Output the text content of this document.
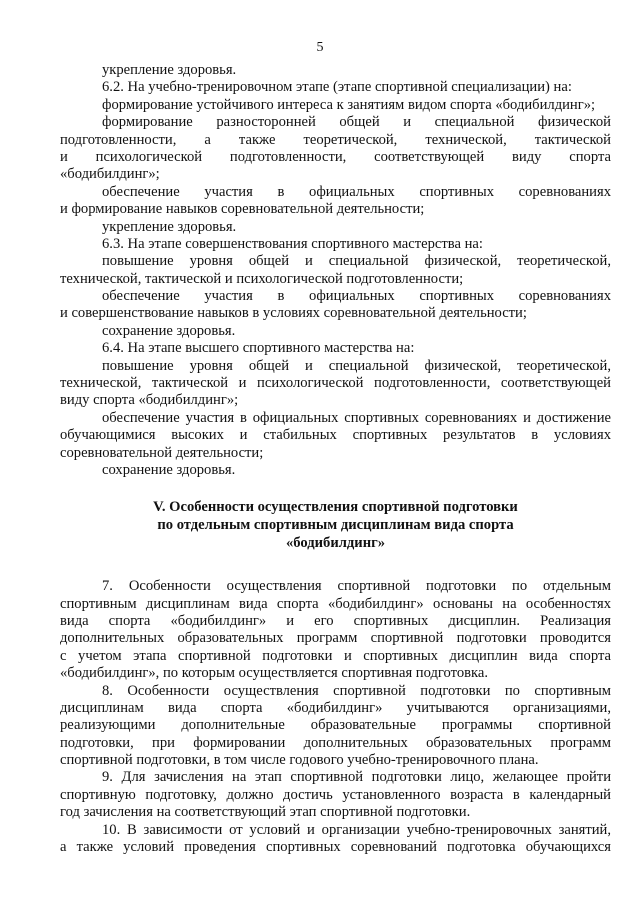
5

укрепление здоровья.

6.2. На учебно-тренировочном этапе (этапе спортивной специализации) на:

формирование устойчивого интереса к занятиям видом спорта «бодибилдинг»;

формирование разносторонней общей и специальной физической

подготовленности, а также теоретической, технической, тактической

и психологической подготовленности, соответствующей виду спорта

«бодибилдинг»;

обеспечение участия в официальных спортивных соревнованиях

и формирование навыков соревновательной деятельности;

укрепление здоровья.

6.3. На этапе совершенствования спортивного мастерства на:

повышение уровня общей и специальной физической, теоретической,

технической, тактической и психологической подготовленности;

обеспечение участия в официальных спортивных соревнованиях

и совершенствование навыков в условиях соревновательной деятельности;

сохранение здоровья.

6.4. На этапе высшего спортивного мастерства на:

повышение уровня общей и специальной физической, теоретической,

технической, тактической и психологической подготовленности, соответствующей

виду спорта «бодибилдинг»;

обеспечение участия в официальных спортивных соревнованиях и достижение

обучающимися высоких и стабильных спортивных результатов в условиях

соревновательной деятельности;

сохранение здоровья.

V. Особенности осуществления спортивной подготовки

по отдельным спортивным дисциплинам вида спорта

«бодибилдинг»

7. Особенности осуществления спортивной подготовки по отдельным

спортивным дисциплинам вида спорта «бодибилдинг» основаны на особенностях

вида спорта «бодибилдинг» и его спортивных дисциплин. Реализация

дополнительных образовательных программ спортивной подготовки проводится

с учетом этапа спортивной подготовки и спортивных дисциплин вида спорта

«бодибилдинг», по которым осуществляется спортивная подготовка.

8. Особенности осуществления спортивной подготовки по спортивным

дисциплинам вида спорта «бодибилдинг» учитываются организациями,

реализующими дополнительные образовательные программы спортивной

подготовки, при формировании дополнительных образовательных программ

спортивной подготовки, в том числе годового учебно-тренировочного плана.

9. Для зачисления на этап спортивной подготовки лицо, желающее пройти

спортивную подготовку, должно достичь установленного возраста в календарный

год зачисления на соответствующий этап спортивной подготовки.

10. В зависимости от условий и организации учебно-тренировочных занятий,

а также условий проведения спортивных соревнований подготовка обучающихся
